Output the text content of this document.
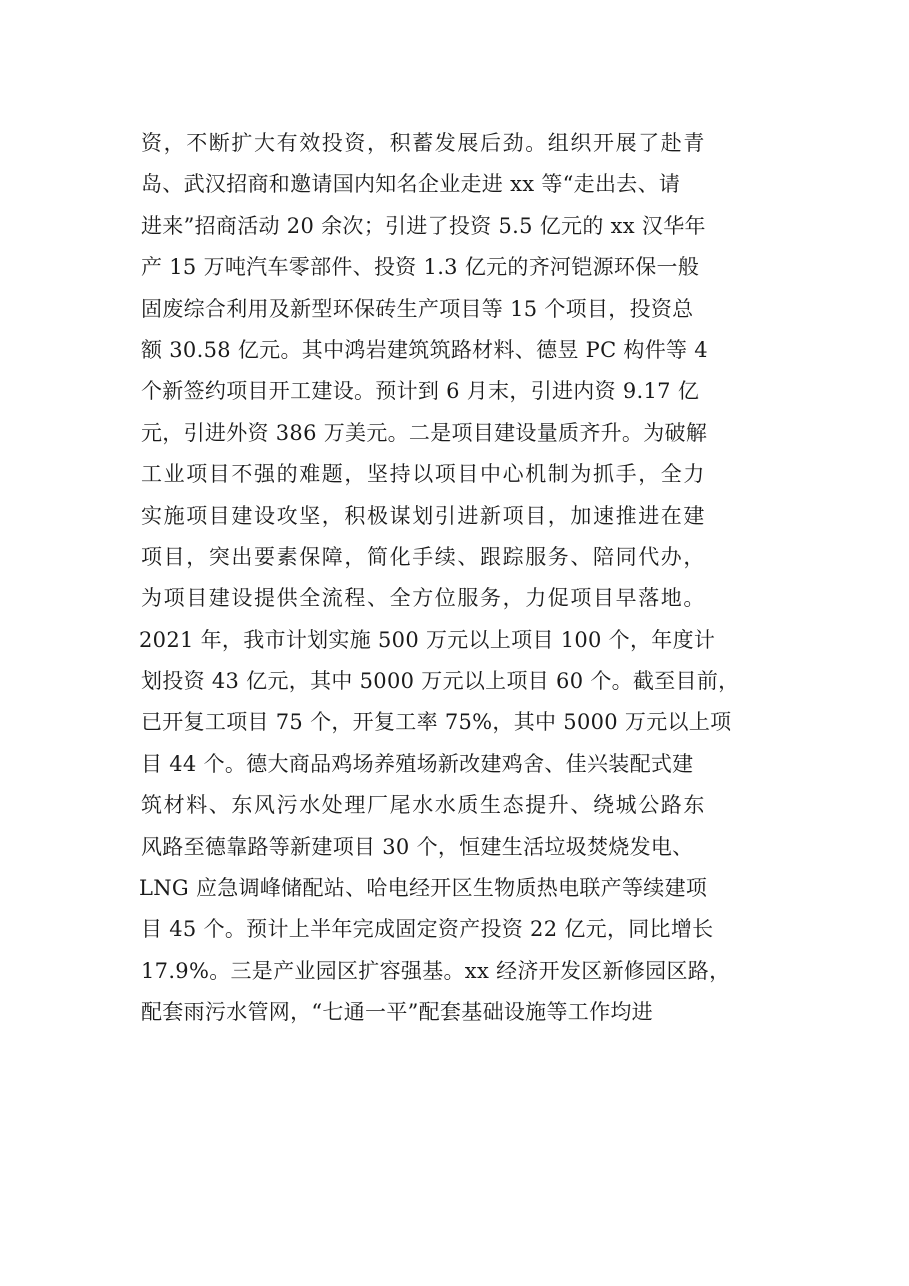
资，不断扩大有效投资，积蓄发展后劲。组织开展了赴青
岛、武汉招商和邀请国内知名企业走进 xx 等“走出去、请
进来”招商活动 20 余次；引进了投资 5.5 亿元的 xx 汉华年
产 15 万吨汽车零部件、投资 1.3 亿元的齐河铠源环保一般
固废综合利用及新型环保砖生产项目等 15 个项目，投资总
额 30.58 亿元。其中鸿岩建筑筑路材料、德昱 PC 构件等 4
个新签约项目开工建设。预计到 6 月末，引进内资 9.17 亿
元，引进外资 386 万美元。二是项目建设量质齐升。为破解
工业项目不强的难题，坚持以项目中心机制为抓手，全力
实施项目建设攻坚，积极谋划引进新项目，加速推进在建
项目，突出要素保障，简化手续、跟踪服务、陪同代办，
为项目建设提供全流程、全方位服务，力促项目早落地。
2021 年，我市计划实施 500 万元以上项目 100 个，年度计
划投资 43 亿元，其中 5000 万元以上项目 60 个。截至目前，
已开复工项目 75 个，开复工率 75%，其中 5000 万元以上项
目 44 个。德大商品鸡场养殖场新改建鸡舍、佳兴装配式建
筑材料、东风污水处理厂尾水水质生态提升、绕城公路东
风路至德靠路等新建项目 30 个，恒建生活垃圾焚烧发电、
LNG 应急调峰储配站、哈电经开区生物质热电联产等续建项
目 45 个。预计上半年完成固定资产投资 22 亿元，同比增长
17.9%。三是产业园区扩容强基。xx 经济开发区新修园区路，
配套雨污水管网，“七通一平”配套基础设施等工作均进
